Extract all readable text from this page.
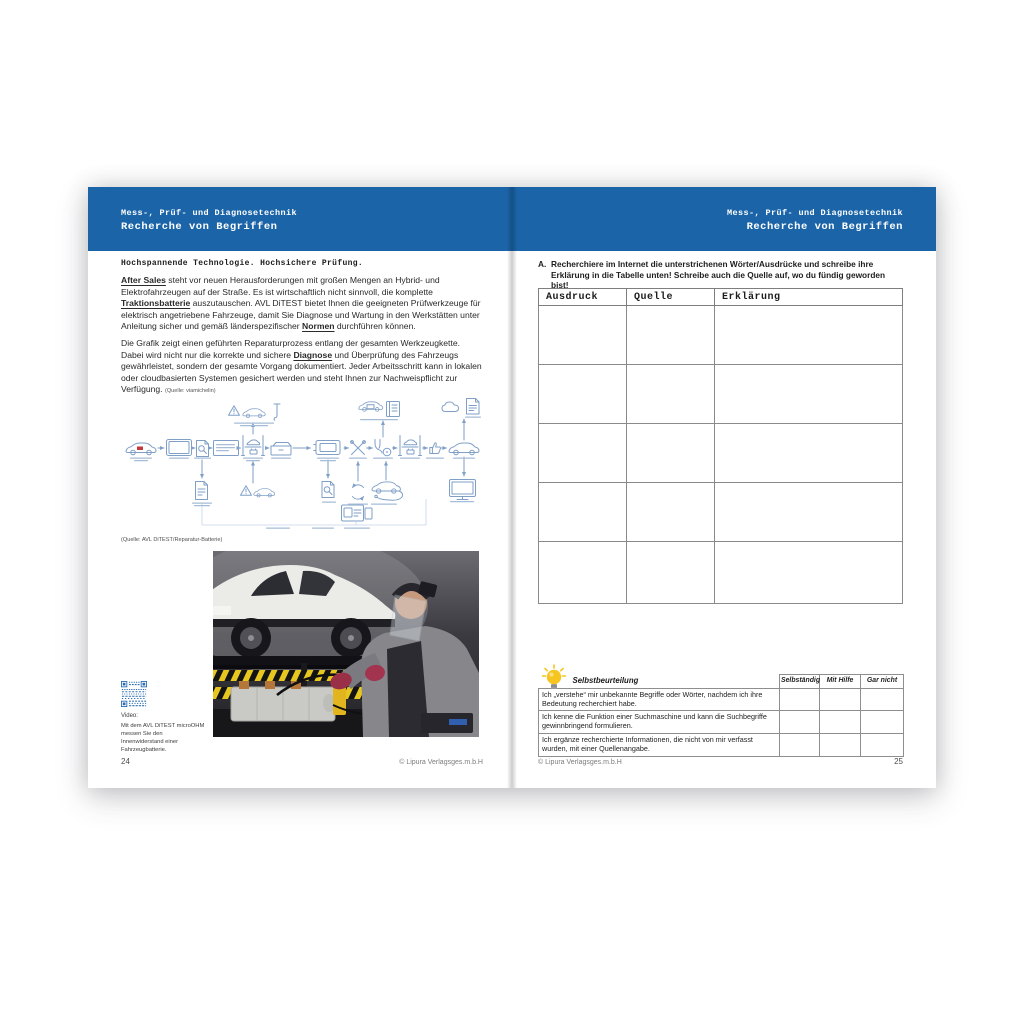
Mess-, Prüf- und Diagnosetechnik
Recherche von Begriffen
Mess-, Prüf- und Diagnosetechnik
Recherche von Begriffen
Hochspannende Technologie. Hochsichere Prüfung.
After Sales steht vor neuen Herausforderungen mit großen Mengen an Hybrid- und Elektrofahrzeugen auf der Straße. Es ist wirtschaftlich nicht sinnvoll, die komplette Traktionsbatterie auszutauschen. AVL DiTEST bietet Ihnen die geeigneten Prüfwerkzeuge für elektrisch angetriebene Fahrzeuge, damit Sie Diagnose und Wartung in den Werkstätten unter Anleitung sicher und gemäß länderspezifischer Normen durchführen können.
Die Grafik zeigt einen geführten Reparaturprozess entlang der gesamten Werkzeugkette. Dabei wird nicht nur die korrekte und sichere Diagnose und Überprüfung des Fahrzeugs gewährleistet, sondern der gesamte Vorgang dokumentiert. Jeder Arbeitsschritt kann in lokalen oder cloudbasierten Systemen gesichert werden und steht Ihnen zur Nachweispflicht zur Verfügung. (Quelle: viamichelin)
(Quelle: AVL DiTEST/Reparatur-Batterie)
Video:
Mit dem AVL DiTEST microOHM messen Sie den Innenwiderstand einer Fahrzeugbatterie.
24	© Lipura Verlagsges.m.b.H
A. Recherchiere im Internet die unterstrichenen Wörter/Ausdrücke und schreibe ihre Erklärung in die Tabelle unten! Schreibe auch die Quelle auf, wo du fündig geworden bist!
Ausdruck	Quelle	Erklärung

Selbstbeurteilung	Selbständig	Mit Hilfe	Gar nicht
Ich „verstehe“ mir unbekannte Begriffe oder Wörter, nachdem ich ihre Bedeutung recherchiert habe.			
Ich kenne die Funktion einer Suchmaschine und kann die Suchbegriffe gewinnbringend formulieren.			
Ich ergänze recherchierte Informationen, die nicht von mir verfasst wurden, mit einer Quellenangabe.			
© Lipura Verlagsges.m.b.H	25
